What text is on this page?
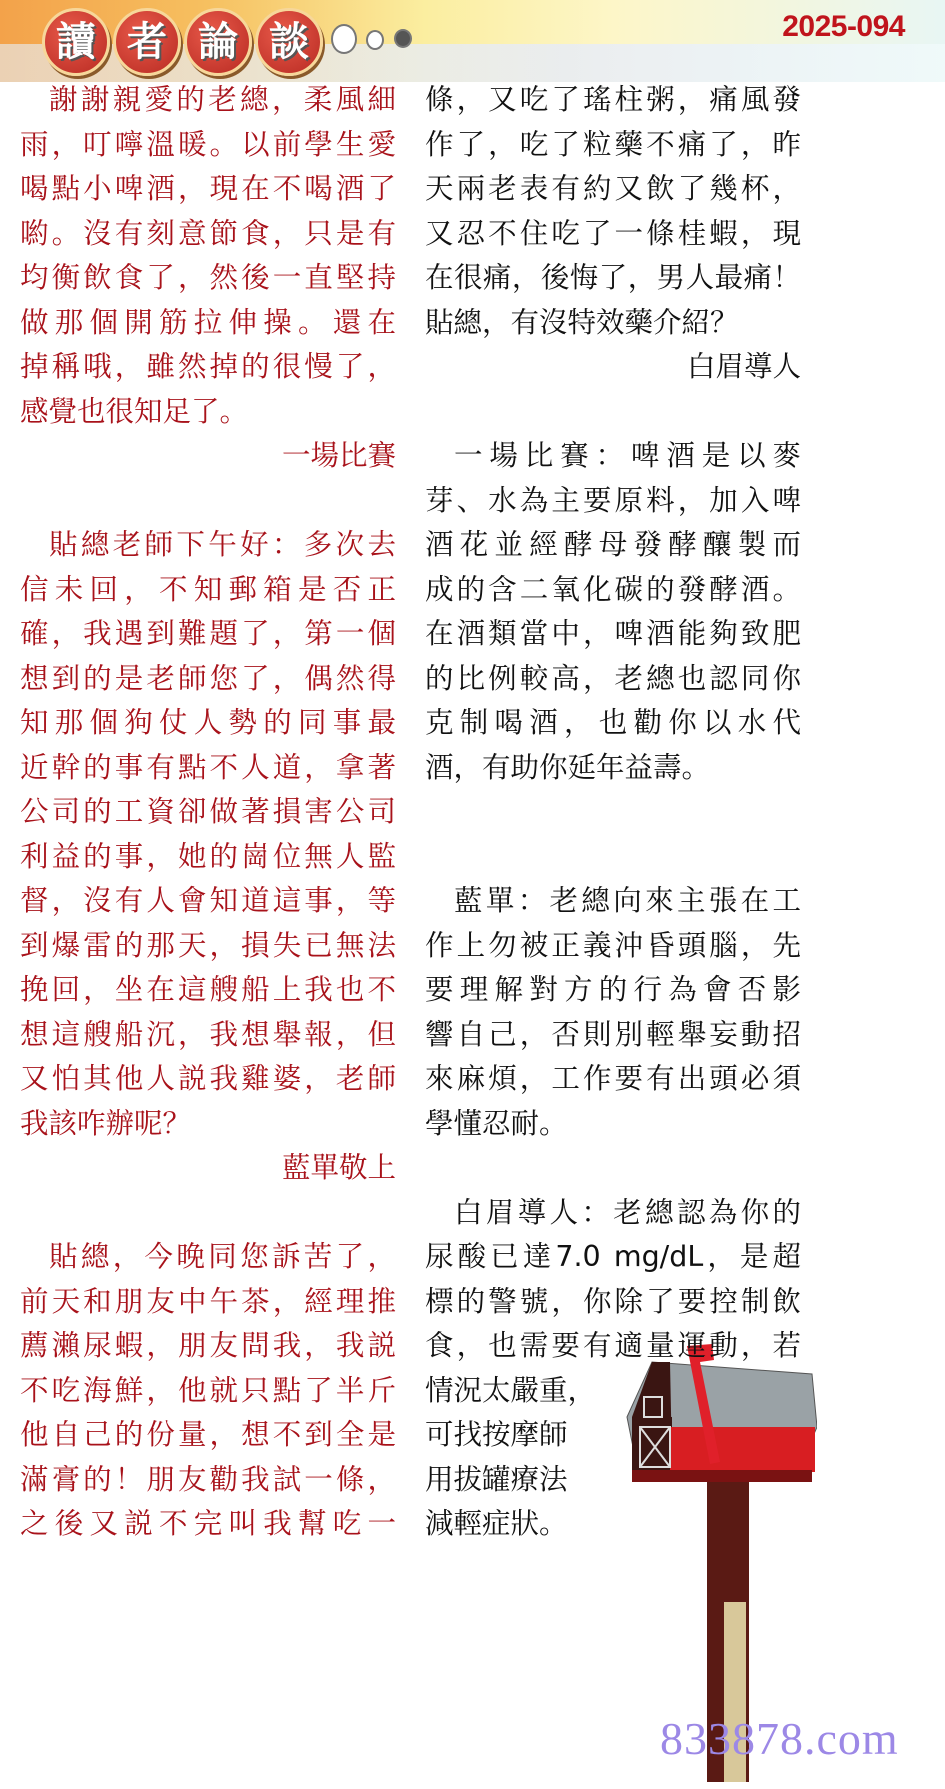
讀 者 論 談	2025-094
謝謝親愛的老總，柔風細
雨，叮嚀溫暖。以前學生愛
喝點小啤酒，現在不喝酒了
喲。沒有刻意節食，只是有
均衡飲食了，然後一直堅持
做那個開筋拉伸操。還在
掉稱哦，雖然掉的很慢了，
感覺也很知足了。
一場比賽
貼總老師下午好：多次去
信未回，不知郵箱是否正
確，我遇到難題了，第一個
想到的是老師您了，偶然得
知那個狗仗人勢的同事最
近幹的事有點不人道，拿著
公司的工資卻做著損害公司
利益的事，她的崗位無人監
督，沒有人會知道這事，等
到爆雷的那天，損失已無法
挽回，坐在這艘船上我也不
想這艘船沉，我想舉報，但
又怕其他人説我雞婆，老師
我該咋辦呢？
藍單敬上
貼總，今晚同您訴苦了，
前天和朋友中午茶，經理推
薦瀨尿蝦，朋友問我，我説
不吃海鮮，他就只點了半斤
他自己的份量，想不到全是
滿膏的！朋友勸我試一條，
之後又説不完叫我幫吃一
條，又吃了瑤柱粥，痛風發
作了，吃了粒藥不痛了，昨
天兩老表有約又飲了幾杯，
又忍不住吃了一條桂蝦，現
在很痛，後悔了，男人最痛！
貼總，有沒特效藥介紹？
白眉導人
一場比賽：啤酒是以麥
芽、水為主要原料，加入啤
酒花並經酵母發酵釀製而
成的含二氧化碳的發酵酒。
在酒類當中，啤酒能夠致肥
的比例較高，老總也認同你
克制喝酒，也勸你以水代
酒，有助你延年益壽。
藍單：老總向來主張在工
作上勿被正義沖昏頭腦，先
要理解對方的行為會否影
響自己，否則別輕舉妄動招
來麻煩，工作要有出頭必須
學懂忍耐。
白眉導人：老總認為你的
尿酸已達7.0 mg/dL，是超
標的警號，你除了要控制飲
食，也需要有適量運動，若
情況太嚴重，
可找按摩師
用拔罐療法
減輕症狀。
833878.com
